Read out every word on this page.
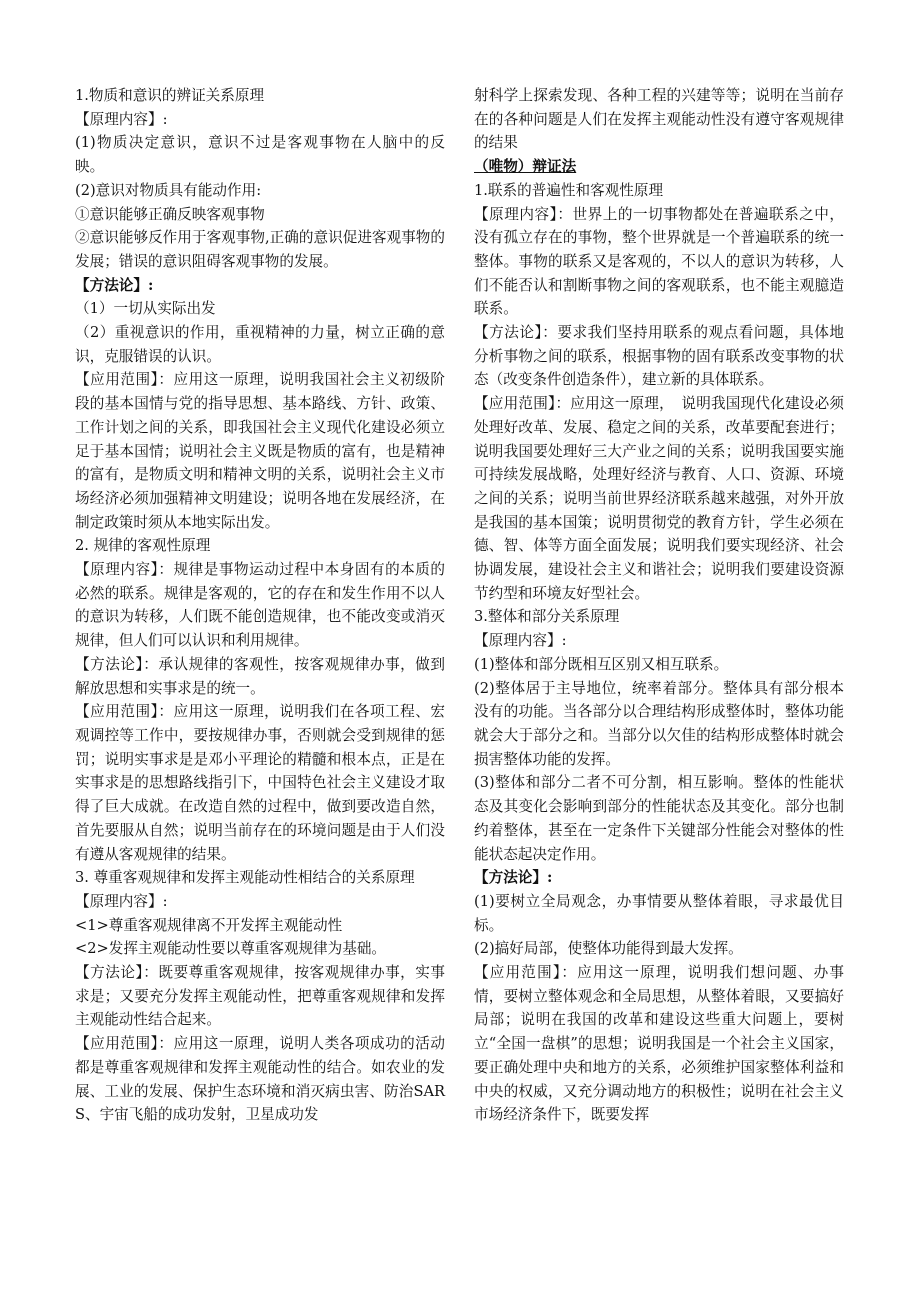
1.物质和意识的辨证关系原理

【原理内容】:

(1)物质决定意识，意识不过是客观事物在人脑中的反映。

(2)意识对物质具有能动作用:

①意识能够正确反映客观事物

②意识能够反作用于客观事物,正确的意识促进客观事物的发展；错误的意识阻碍客观事物的发展。

【方法论】:

（1）一切从实际出发

（2）重视意识的作用，重视精神的力量，树立正确的意识，克服错误的认识。

【应用范围】：应用这一原理，说明我国社会主义初级阶段的基本国情与党的指导思想、基本路线、方针、政策、工作计划之间的关系，即我国社会主义现代化建设必须立足于基本国情；说明社会主义既是物质的富有，也是精神的富有，是物质文明和精神文明的关系，说明社会主义市场经济必须加强精神文明建设；说明各地在发展经济，在制定政策时须从本地实际出发。

2. 规律的客观性原理

【原理内容】：规律是事物运动过程中本身固有的本质的必然的联系。规律是客观的，它的存在和发生作用不以人的意识为转移，人们既不能创造规律，也不能改变或消灭规律，但人们可以认识和利用规律。

【方法论】：承认规律的客观性，按客观规律办事，做到解放思想和实事求是的统一。

【应用范围】：应用这一原理，说明我们在各项工程、宏观调控等工作中，要按规律办事，否则就会受到规律的惩罚；说明实事求是是邓小平理论的精髓和根本点，正是在实事求是的思想路线指引下，中国特色社会主义建设才取得了巨大成就。在改造自然的过程中，做到要改造自然，首先要服从自然；说明当前存在的环境问题是由于人们没有遵从客观规律的结果。

3. 尊重客观规律和发挥主观能动性相结合的关系原理

【原理内容】:

<1>尊重客观规律离不开发挥主观能动性

<2>发挥主观能动性要以尊重客观规律为基础。

【方法论】：既要尊重客观规律，按客观规律办事，实事求是；又要充分发挥主观能动性，把尊重客观规律和发挥主观能动性结合起来。

【应用范围】：应用这一原理，说明人类各项成功的活动都是尊重客观规律和发挥主观能动性的结合。如农业的发展、工业的发展、保护生态环境和消灭病虫害、防治SARS、宇宙飞船的成功发射，卫星成功发

射科学上探索发现、各种工程的兴建等等；说明在当前存在的各种问题是人们在发挥主观能动性没有遵守客观规律的结果

（唯物）辩证法

1.联系的普遍性和客观性原理

【原理内容】：世界上的一切事物都处在普遍联系之中，没有孤立存在的事物，整个世界就是一个普遍联系的统一整体。事物的联系又是客观的，不以人的意识为转移，人们不能否认和割断事物之间的客观联系，也不能主观臆造联系。

【方法论】：要求我们坚持用联系的观点看问题，具体地分析事物之间的联系，根据事物的固有联系改变事物的状态（改变条件创造条件），建立新的具体联系。

【应用范围】：应用这一原理，　说明我国现代化建设必须处理好改革、发展、稳定之间的关系，改革要配套进行；说明我国要处理好三大产业之间的关系；说明我国要实施可持续发展战略，处理好经济与教育、人口、资源、环境之间的关系；说明当前世界经济联系越来越强，对外开放是我国的基本国策；说明贯彻党的教育方针，学生必须在德、智、体等方面全面发展；说明我们要实现经济、社会协调发展，建设社会主义和谐社会；说明我们要建设资源节约型和环境友好型社会。

3.整体和部分关系原理

【原理内容】:

(1)整体和部分既相互区别又相互联系。

(2)整体居于主导地位，统率着部分。整体具有部分根本没有的功能。当各部分以合理结构形成整体时，整体功能就会大于部分之和。当部分以欠佳的结构形成整体时就会损害整体功能的发挥。

(3)整体和部分二者不可分割，相互影响。整体的性能状态及其变化会影响到部分的性能状态及其变化。部分也制约着整体，甚至在一定条件下关键部分性能会对整体的性能状态起决定作用。

【方法论】:

(1)要树立全局观念，办事情要从整体着眼，寻求最优目标。

(2)搞好局部，使整体功能得到最大发挥。

【应用范围】：应用这一原理，说明我们想问题、办事情，要树立整体观念和全局思想，从整体着眼，又要搞好局部；说明在我国的改革和建设这些重大问题上，要树立“全国一盘棋”的思想；说明我国是一个社会主义国家，要正确处理中央和地方的关系，必须维护国家整体利益和中央的权威，又充分调动地方的积极性；说明在社会主义市场经济条件下，既要发挥
